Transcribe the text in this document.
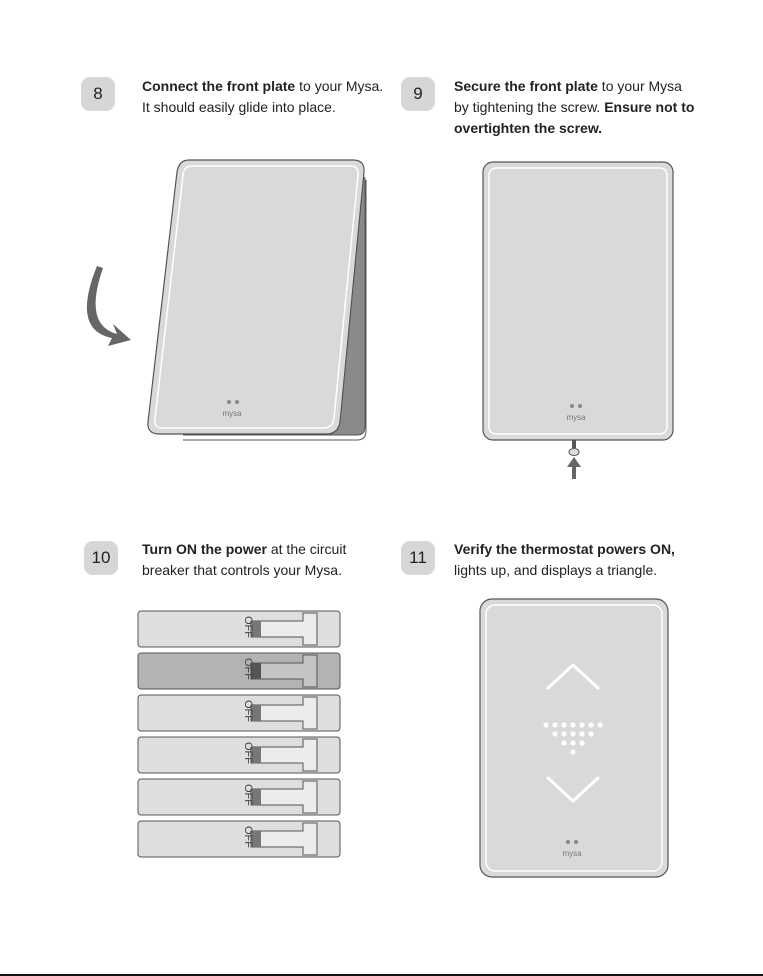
8	Connect the front plate to your Mysa. It should easily glide into place.
9	Secure the front plate to your Mysa by tightening the screw. Ensure not to overtighten the screw.
10	Turn ON the power at the circuit breaker that controls your Mysa.
11	Verify the thermostat powers ON, lights up, and displays a triangle.
mysa	mysa
OFF
OFF
OFF
OFF
OFF
OFF
mysa
